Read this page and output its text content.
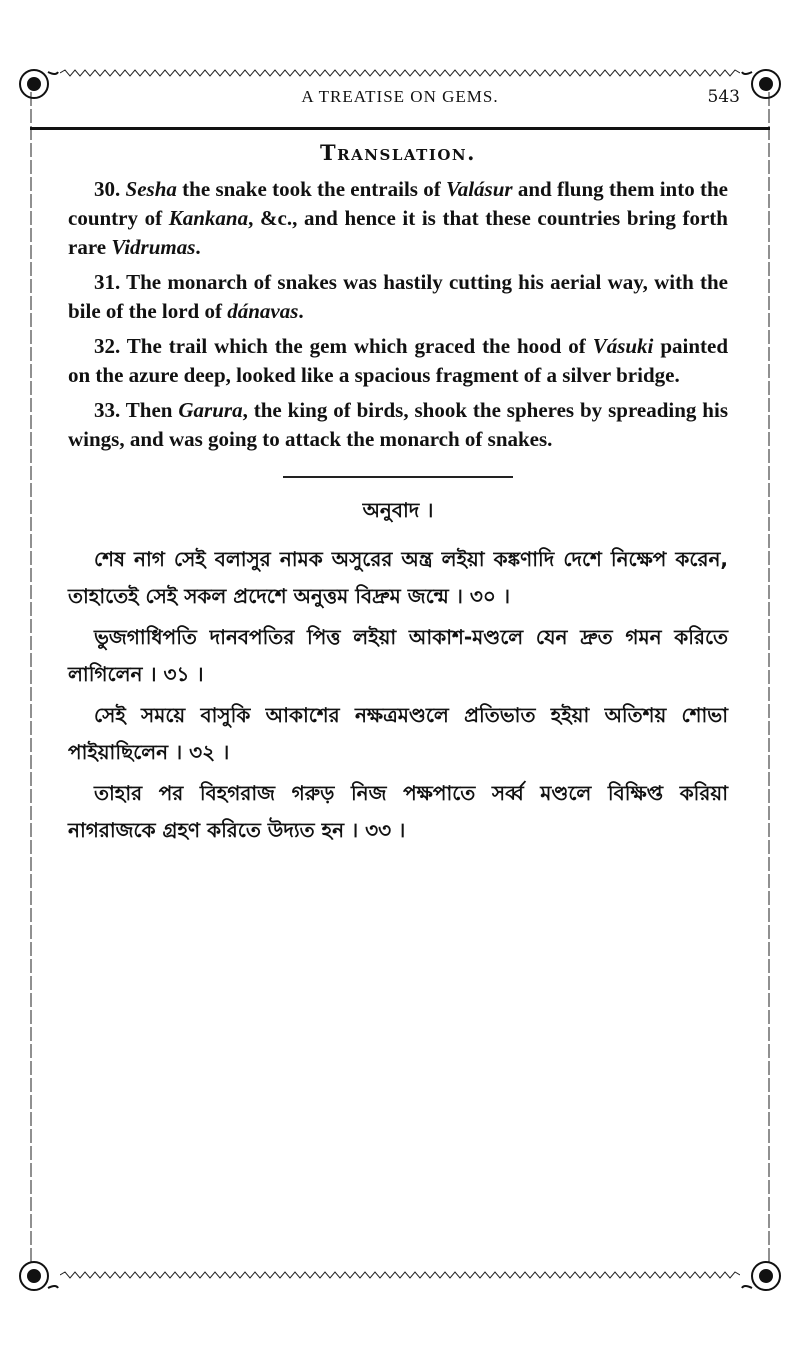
A TREATISE ON GEMS.	543
Translation.

30. Sesha the snake took the entrails of Valásur and flung them into the country of Kankana, &c., and hence it is that these countries bring forth rare Vidrumas.

31. The monarch of snakes was hastily cutting his aerial way, with the bile of the lord of dánavas.

32. The trail which the gem which graced the hood of Vásuki painted on the azure deep, looked like a spacious fragment of a silver bridge.

33. Then Garura, the king of birds, shook the spheres by spreading his wings, and was going to attack the monarch of snakes.

অনুবাদ ।

শেষ নাগ সেই বলাসুর নামক অসুরের অন্ত্র লইয়া কঙ্কণাদি দেশে নিক্ষেপ করেন, তাহাতেই সেই সকল প্রদেশে অনুত্তম বিদ্রুম জন্মে । ৩০ ।

ভুজগাধিপতি দানবপতির পিত্ত লইয়া আকাশ-মণ্ডলে যেন দ্রুত গমন করিতে লাগিলেন । ৩১ ।

সেই সময়ে বাসুকি আকাশের নক্ষত্রমণ্ডলে প্রতিভাত হইয়া অতিশয় শোভা পাইয়াছিলেন । ৩২ ।

তাহার পর বিহগরাজ গরুড় নিজ পক্ষপাতে সর্ব্ব মণ্ডলে বিক্ষিপ্ত করিয়া নাগরাজকে গ্রহণ করিতে উদ্যত হন । ৩৩ ।
